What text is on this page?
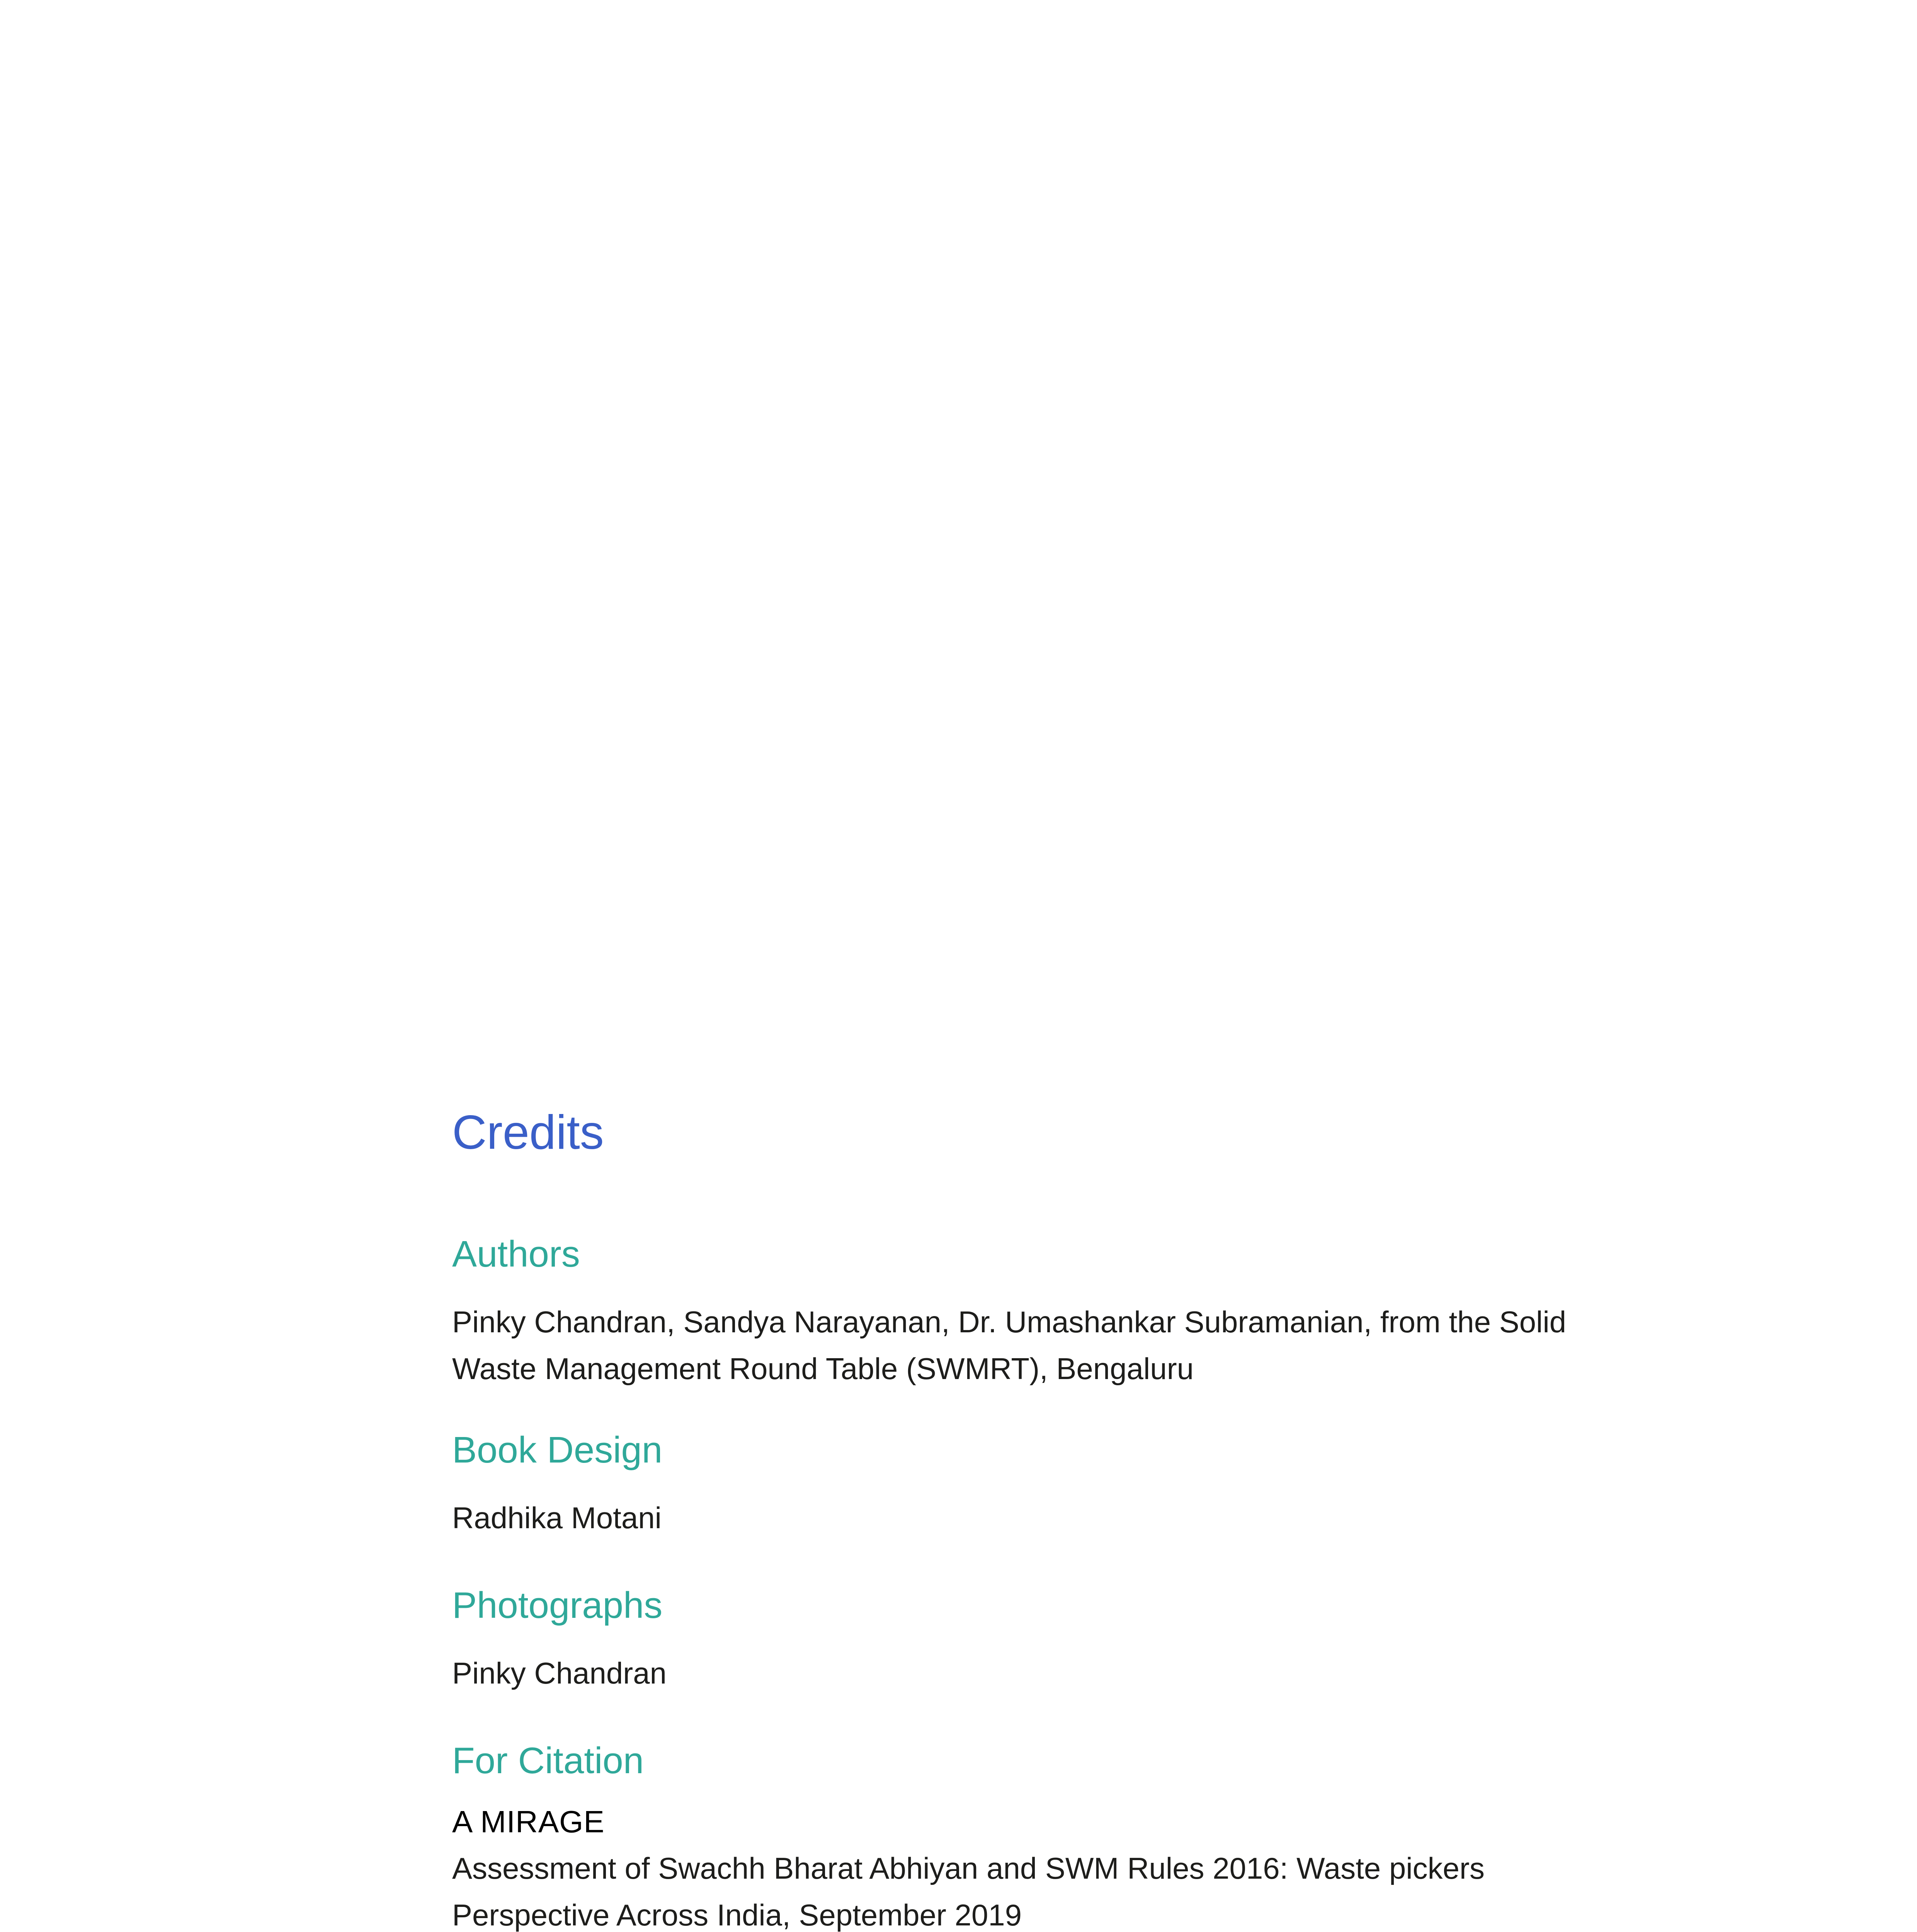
Credits
Authors

Pinky Chandran, Sandya Narayanan, Dr. Umashankar Subramanian, from the Solid

Waste Management Round Table (SWMRT), Bengaluru

Book Design

Radhika Motani

Photographs

Pinky Chandran

For Citation

A MIRAGE

Assessment of Swachh Bharat Abhiyan and SWM Rules 2016: Waste pickers

Perspective Across India, September 2019
